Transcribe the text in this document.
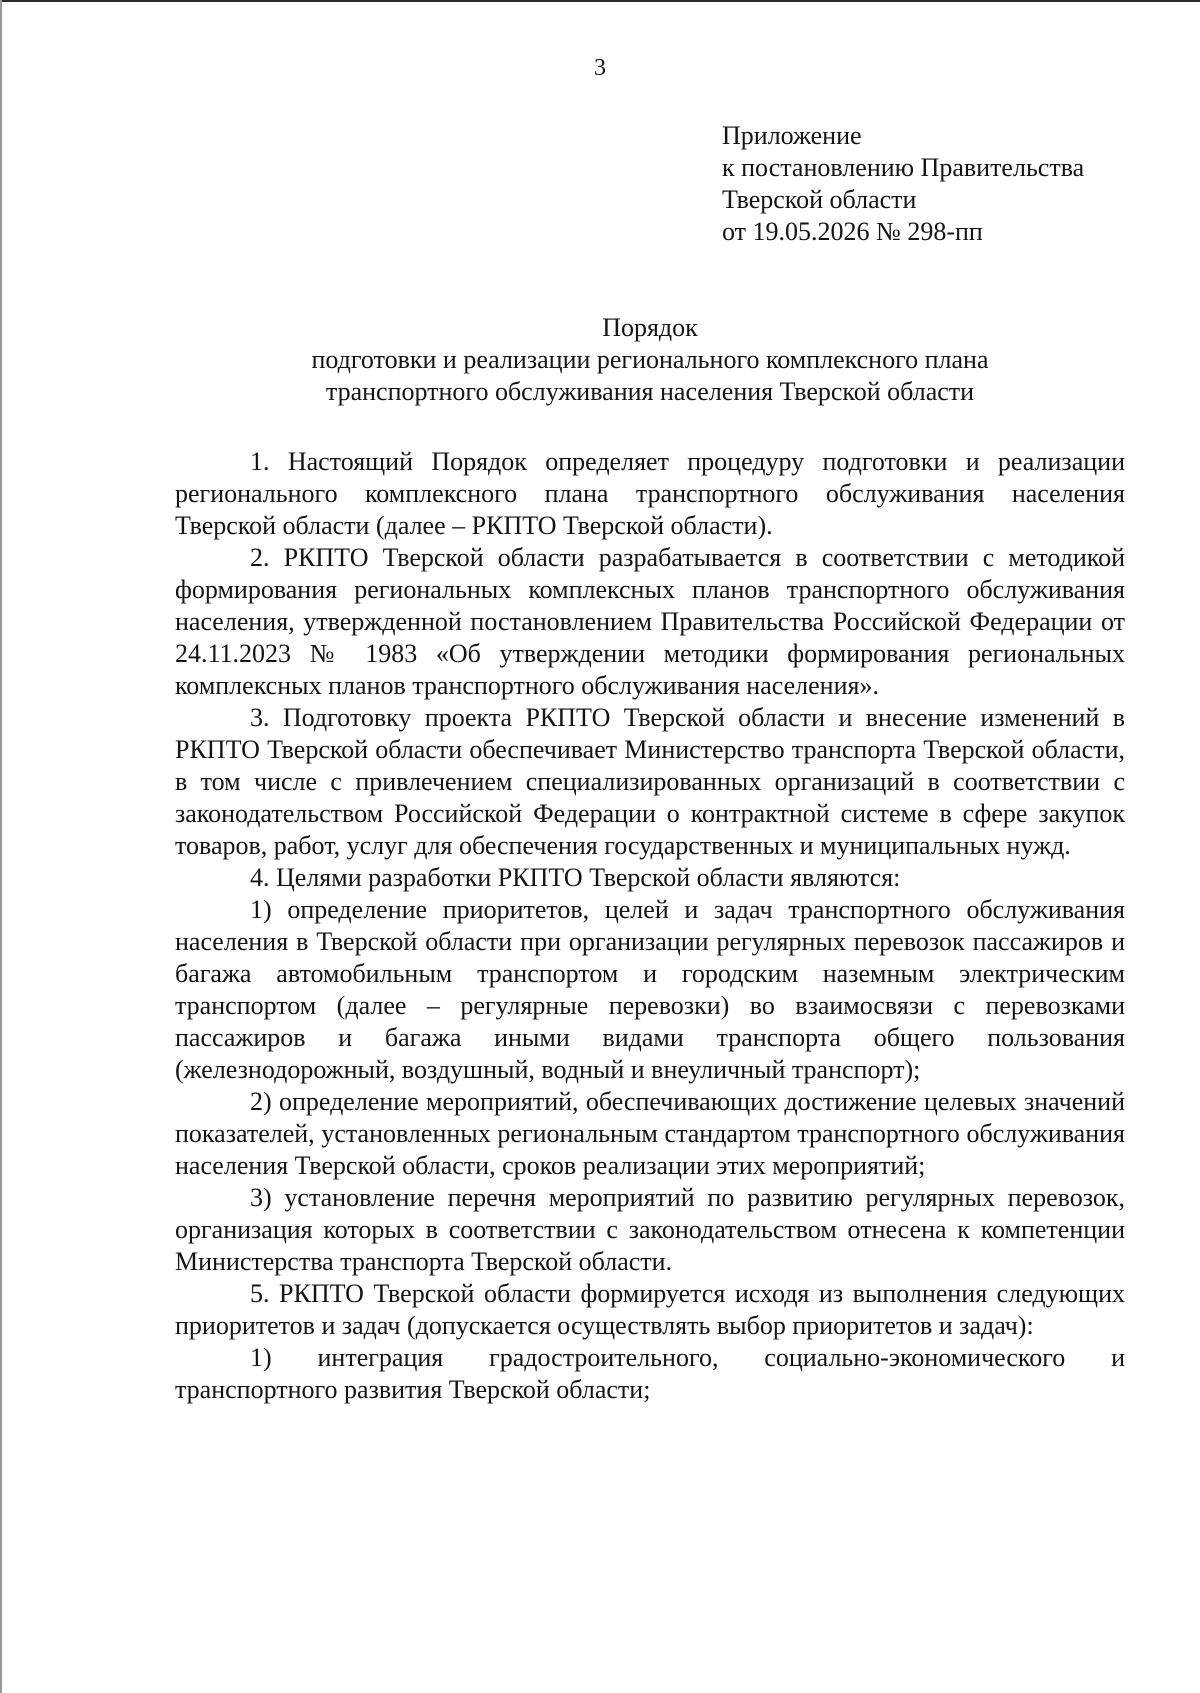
3
Приложение
к постановлению Правительства
Тверской области
от 19.05.2026 № 298-пп
Порядок
подготовки и реализации регионального комплексного плана
транспортного обслуживания населения Тверской области

1. Настоящий Порядок определяет процедуру подготовки и реализации регионального комплексного плана транспортного обслуживания населения Тверской области (далее – РКПТО Тверской области).

2. РКПТО Тверской области разрабатывается в соответствии с методикой формирования региональных комплексных планов транспортного обслуживания населения, утвержденной постановлением Правительства Российской Федерации от 24.11.2023 № 1983 «Об утверждении методики формирования региональных комплексных планов транспортного обслуживания населения».

3. Подготовку проекта РКПТО Тверской области и внесение изменений в РКПТО Тверской области обеспечивает Министерство транспорта Тверской области, в том числе с привлечением специализированных организаций в соответствии с законодательством Российской Федерации о контрактной системе в сфере закупок товаров, работ, услуг для обеспечения государственных и муниципальных нужд.

4. Целями разработки РКПТО Тверской области являются:

1) определение приоритетов, целей и задач транспортного обслуживания населения в Тверской области при организации регулярных перевозок пассажиров и багажа автомобильным транспортом и городским наземным электрическим транспортом (далее – регулярные перевозки) во взаимосвязи с перевозками пассажиров и багажа иными видами транспорта общего пользования (железнодорожный, воздушный, водный и внеуличный транспорт);

2) определение мероприятий, обеспечивающих достижение целевых значений показателей, установленных региональным стандартом транспортного обслуживания населения Тверской области, сроков реализации этих мероприятий;

3) установление перечня мероприятий по развитию регулярных перевозок, организация которых в соответствии с законодательством отнесена к компетенции Министерства транспорта Тверской области.

5. РКПТО Тверской области формируется исходя из выполнения следующих приоритетов и задач (допускается осуществлять выбор приоритетов и задач):

1) интеграция градостроительного, социально-экономического и транспортного развития Тверской области;
